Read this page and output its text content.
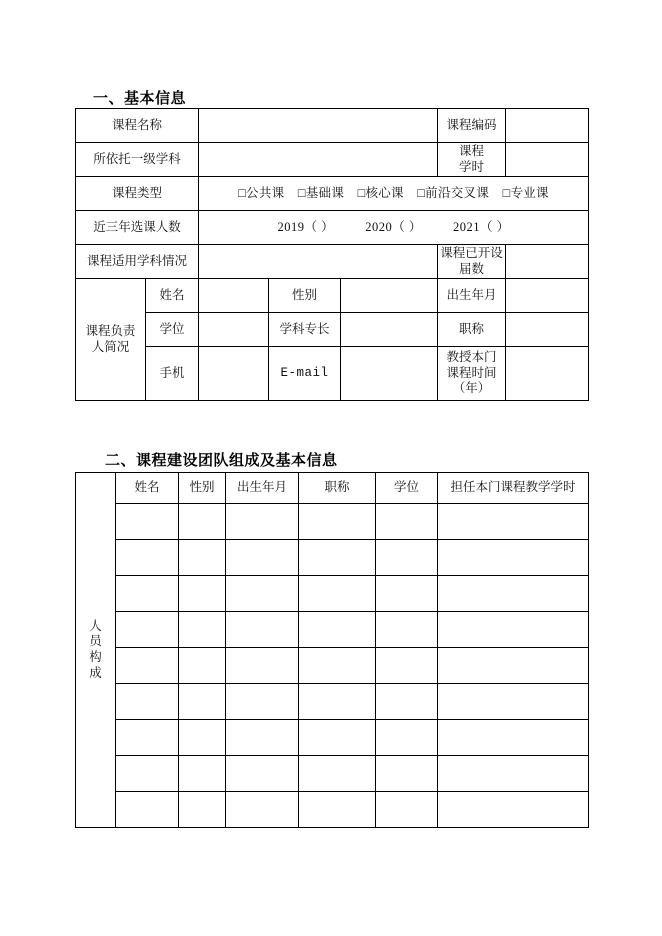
一、基本信息
课程名称					课程编码	
所依托一级学科					课程
学时	
课程类型		□公共课 □基础课 □核心课 □前沿交叉课 □专业课				
近三年选课人数		2019（ ） 2020（ ） 2021（ ）				
课程适用学科情况					课程已开设
届数	
课程负责
人简况	姓名		性别		出生年月	
	学位		学科专长		职称	
	手机		E-mail		教授本门
课程时间
（年）	
二、课程建设团队组成及基本信息
人
员
构
成	姓名	性别	出生年月	职称	学位	担任本门课程教学学时
